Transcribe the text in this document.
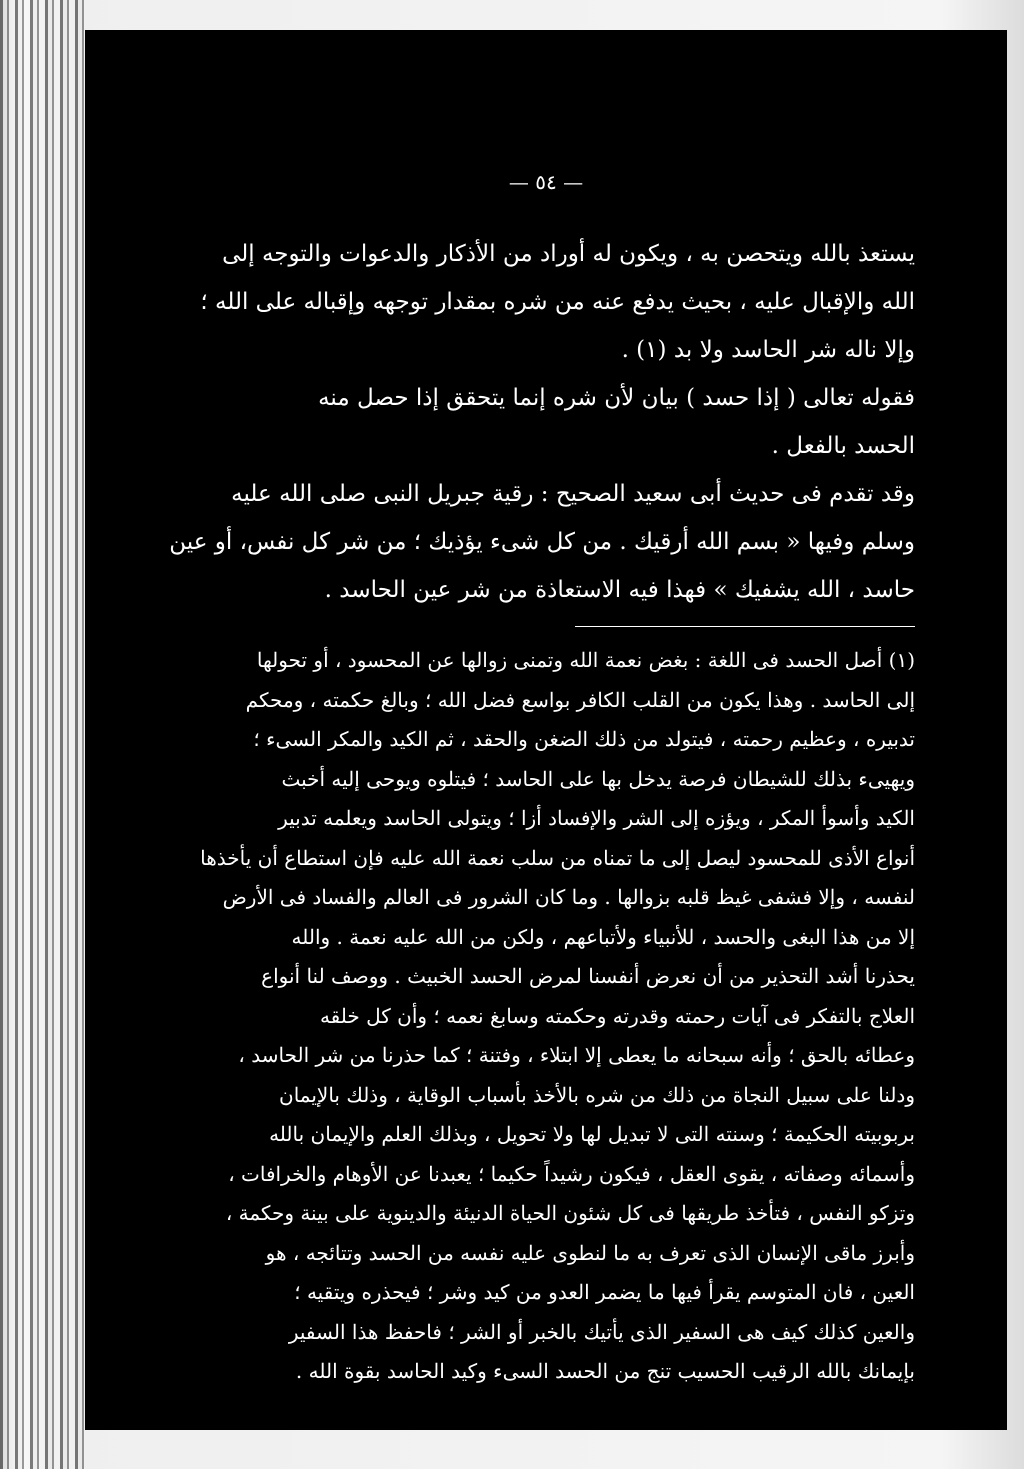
— ٥٤ —
يستعذ بالله ويتحصن به ، ويكون له أوراد من الأذكار والدعوات والتوجه إلى
الله والإقبال عليه ، بحيث يدفع عنه من شره بمقدار توجهه وإقباله على الله ؛
وإلا ناله شر الحاسد ولا بد (١) .
فقوله تعالى ( إذا حسد ) بيان لأن شره إنما يتحقق إذا حصل منه
الحسد بالفعل .
وقد تقدم فى حديث أبى سعيد الصحيح : رقية جبريل النبى صلى الله عليه
وسلم وفيها « بسم الله أرقيك . من كل شىء يؤذيك ؛ من شر كل نفس، أو عين
حاسد ، الله يشفيك » فهذا فيه الاستعاذة من شر عين الحاسد .
(١) أصل الحسد فى اللغة : بغض نعمة الله وتمنى زوالها عن المحسود ، أو تحولها
إلى الحاسد . وهذا يكون من القلب الكافر بواسع فضل الله ؛ وبالغ حكمته ، ومحكم
تدبيره ، وعظيم رحمته ، فيتولد من ذلك الضغن والحقد ، ثم الكيد والمكر السىء ؛
ويهيىء بذلك للشيطان فرصة يدخل بها على الحاسد ؛ فيتلوه ويوحى إليه أخبث
الكيد وأسوأ المكر ، ويؤزه إلى الشر والإفساد أزا ؛ ويتولى الحاسد ويعلمه تدبير
أنواع الأذى للمحسود ليصل إلى ما تمناه من سلب نعمة الله عليه فإن استطاع أن يأخذها
لنفسه ، وإلا فشفى غيظ قلبه بزوالها . وما كان الشرور فى العالم والفساد فى الأرض
إلا من هذا البغى والحسد ، للأنبياء ولأتباعهم ، ولكن من الله عليه نعمة . والله
يحذرنا أشد التحذير من أن نعرض أنفسنا لمرض الحسد الخبيث . ووصف لنا أنواع
العلاج بالتفكر فى آيات رحمته وقدرته وحكمته وسابغ نعمه ؛ وأن كل خلقه
وعطائه بالحق ؛ وأنه سبحانه ما يعطى إلا ابتلاء ، وفتنة ؛ كما حذرنا من شر الحاسد ،
ودلنا على سبيل النجاة من ذلك من شره بالأخذ بأسباب الوقاية ، وذلك بالإيمان
بربوبيته الحكيمة ؛ وسنته التى لا تبديل لها ولا تحويل ، وبذلك العلم والإيمان بالله
وأسمائه وصفاته ، يقوى العقل ، فيكون رشيداً حكيما ؛ يعبدنا عن الأوهام والخرافات ،
وتزكو النفس ، فتأخذ طريقها فى كل شئون الحياة الدنيئة والدينوية على بينة وحكمة ،
وأبرز ماقى الإنسان الذى تعرف به ما لنطوى عليه نفسه من الحسد وتتائجه ، هو
العين ، فان المتوسم يقرأ فيها ما يضمر العدو من كيد وشر ؛ فيحذره ويتقيه ؛
والعين كذلك كيف هى السفير الذى يأتيك بالخبر أو الشر ؛ فاحفظ هذا السفير
بإيمانك بالله الرقيب الحسيب تنج من الحسد السىء وكيد الحاسد بقوة الله .
